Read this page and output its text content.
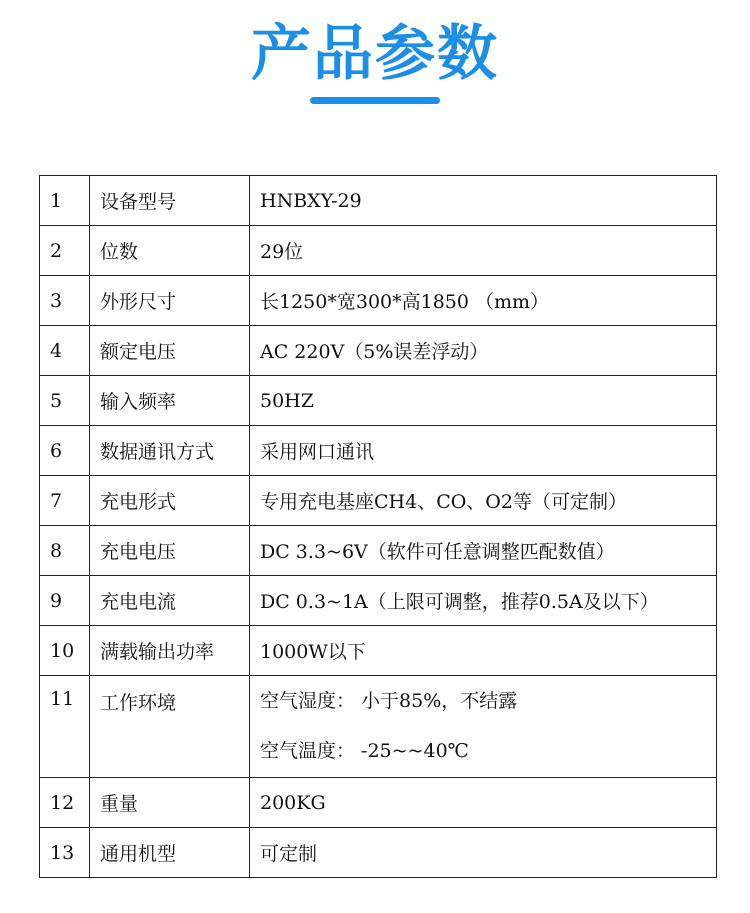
产品参数
1	设备型号	HNBXY-29
2	位数	29位
3	外形尺寸	长1250*宽300*高1850 （mm）
4	额定电压	AC 220V（5%误差浮动）
5	输入频率	50HZ
6	数据通讯方式	采用网口通讯
7	充电形式	专用充电基座CH4、CO、O2等（可定制）
8	充电电压	DC 3.3~6V（软件可任意调整匹配数值）
9	充电电流	DC 0.3~1A（上限可调整，推荐0.5A及以下）
10	满载输出功率	1000W以下
11	工作环境	空气湿度： 小于85%，不结露
空气温度： -25~~40℃

12	重量	200KG
13	通用机型	可定制
